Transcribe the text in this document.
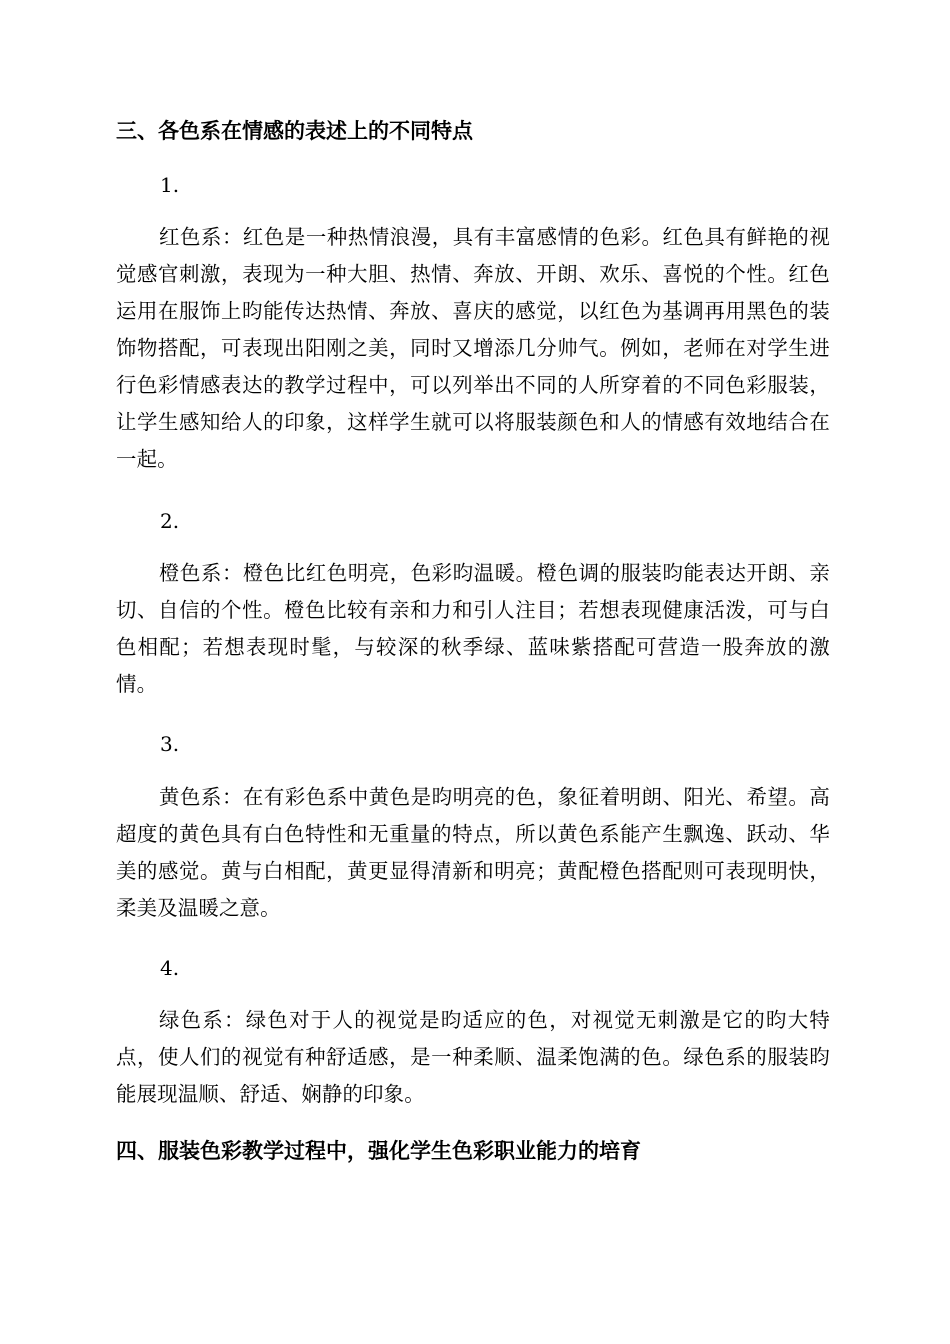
三、各色系在情感的表述上的不同特点

1.

红色系：红色是一种热情浪漫，具有丰富感情的色彩。红色具有鲜艳的视觉感官刺激，表现为一种大胆、热情、奔放、开朗、欢乐、喜悦的个性。红色运用在服饰上昀能传达热情、奔放、喜庆的感觉，以红色为基调再用黑色的装饰物搭配，可表现出阳刚之美，同时又增添几分帅气。例如，老师在对学生进行色彩情感表达的教学过程中，可以列举出不同的人所穿着的不同色彩服装，让学生感知给人的印象，这样学生就可以将服装颜色和人的情感有效地结合在一起。

2.

橙色系：橙色比红色明亮，色彩昀温暖。橙色调的服装昀能表达开朗、亲切、自信的个性。橙色比较有亲和力和引人注目；若想表现健康活泼，可与白色相配；若想表现时髦，与较深的秋季绿、蓝味紫搭配可营造一股奔放的激情。

3.

黄色系：在有彩色系中黄色是昀明亮的色，象征着明朗、阳光、希望。高超度的黄色具有白色特性和无重量的特点，所以黄色系能产生飘逸、跃动、华美的感觉。黄与白相配，黄更显得清新和明亮；黄配橙色搭配则可表现明快，柔美及温暖之意。

4.

绿色系：绿色对于人的视觉是昀适应的色，对视觉无刺激是它的昀大特点，使人们的视觉有种舒适感，是一种柔顺、温柔饱满的色。绿色系的服装昀能展现温顺、舒适、娴静的印象。

四、服装色彩教学过程中，强化学生色彩职业能力的培育
